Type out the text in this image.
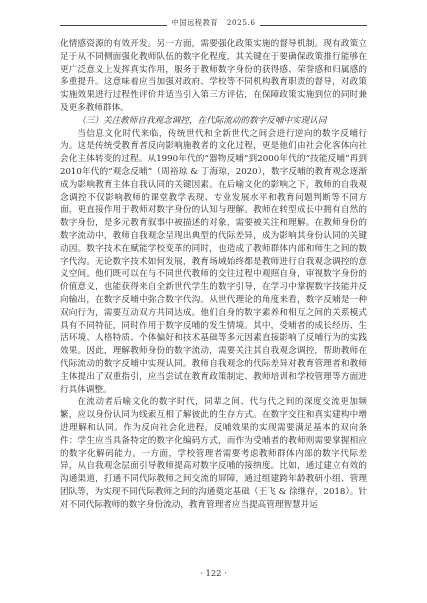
中国远程教育 2025.6

化情感资源的有效开发。另一方面，需要强化政策实施的督导机制。现有政策立足于从不同侧面强化教师队伍的数字化程度，其关键在于要确保政策推行能够在更广泛意义上发挥真实作用，服务于教师数字身份的获得感、荣誉感和归属感的多重提升。这意味着应当加强对政府、学校等不同机构教育职责的督导，对政策实施效果进行过程性评价并适当引入第三方评估，在保障政策实施到位的同时兼及更多教师群体。

（三）关注教师自我观念调控，在代际流动的数字反哺中实现认同

当信息文化时代来临，传统世代和全新世代之间会进行逆向的数字反哺行为。这是传统受教育者反向影响施教者的文化过程，更是他们由社会化客体向社会化主体转变的过程。从1990年代的“器物反哺”到2000年代的“技能反哺”再到2010年代的“观念反哺”（周裕琼 & 丁海琼，2020），数字反哺的教育观念逐渐成为影响教育主体自我认同的关键因素。在后喻文化的影响之下，教师的自我观念调控不仅影响教师的课堂教学表现、专业发展水平和教育问题判断等不同方面，更直接作用于教师对数字身份的认知与理解。教师在转型成长中拥有自然的数字身份，是多元教育叙事中被描述的对象，需要被关注和理解。在教师身份的数字流动中，教师自我观念呈现出典型的代际差异，成为影响其身份认同的关键动因。数字技术在赋能学校变革的同时，也造成了教师群体内部和师生之间的数字代沟。无论数字技术如何发展，教育场域始终都是教师进行自我观念调控的意义空间。他们既可以在与不同世代教师的交往过程中观照自身，审视数字身份的价值意义，也能获得来自全新世代学生的数字引导，在学习中掌握数字技能并反向输出，在数字反哺中弥合数字代沟。从世代理论的角度来看，数字反哺是一种双向行为，需要互动双方共同达成。他们自身的数字素养和相互之间的关系模式具有不同特征，同时作用于数字反哺的发生情境。其中，受哺者的成长经历、生活环境、人格特质、个体偏好和技术基础等多元因素直接影响了反哺行为的实践效果。因此，理解教师身份的数字流动，需要关注其自我观念调控，帮助教师在代际流动的数字反哺中实现认同。教师自我观念的代际差异对教育管理者和教师主体提出了双重指引，应当尝试在教育政策制定、教师培训和学校管理等方面进行具体调整。

在流动者后喻文化的数字时代，同辈之间、代与代之间的深度交流更加频繁，应以身份认同为线索互相了解彼此的生存方式。在数字交往和真实建构中增进理解和认同。作为反向社会化进程，反哺效果的实现需要满足基本的双向条件：学生应当具备特定的数字化编码方式，而作为受哺者的教师则需要掌握相应的数字化解码能力。一方面，学校管理者需要考虑教师群体内部的数字代际差异，从自我观念层面引导教师提高对数字反哺的接纳度。比如，通过建立有效的沟通渠道，打通不同代际教师之间交流的屏障，通过组建跨年龄教研小组、管理团队等，为实现不同代际教师之间的沟通奠定基础（王飞 & 徐继存，2018）。针对不同代际教师的数字身份流动，教育管理者应当提高管理智慧并运

· 122 ·
